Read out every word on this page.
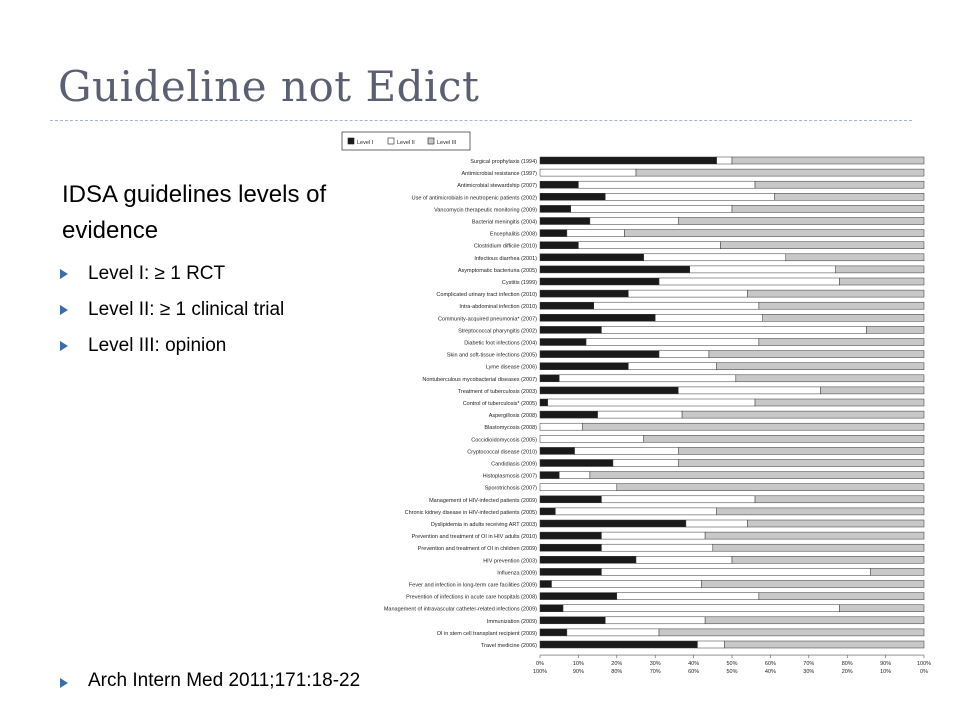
Guideline not Edict
IDSA guidelines levels of evidence
Level I: ≥ 1 RCT
Level II: ≥ 1 clinical trial
Level III: opinion
Arch Intern Med 2011;171:18-22
Level I	Level II	Level III
Surgical prophylaxis (1994)
Antimicrobial resistance (1997)
Antimicrobial stewardship (2007)
Use of antimicrobials in neutropenic patients (2002)
Vancomycin therapeutic monitoring (2009)
Bacterial meningitis (2004)
Encephalitis (2008)
Clostridium difficile (2010)
Infectious diarrhea (2001)
Asymptomatic bacteriuria (2005)
Cystitis (1999)
Complicated urinary tract infection (2010)
Intra-abdominal infection (2010)
Community-acquired pneumonia* (2007)
Streptococcal pharyngitis (2002)
Diabetic foot infections (2004)
Skin and soft-tissue infections (2005)
Lyme disease (2006)
Nontuberculous mycobacterial diseases (2007)
Treatment of tuberculosis (2003)
Control of tuberculosis* (2005)
Aspergillosis (2008)
Blastomycosis (2008)
Coccidioidomycosis (2005)
Cryptococcal disease (2010)
Candidiasis (2009)
Histoplasmosis (2007)
Sporotrichosis (2007)
Management of HIV-infected patients (2009)
Chronic kidney disease in HIV-infected patients (2005)
Dyslipidemia in adults receiving ART (2003)
Prevention and treatment of OI in HIV adults (2010)
Prevention and treatment of OI in children (2009)
HIV prevention (2003)
Influenza (2009)
Fever and infection in long-term care facilities (2009)
Prevention of infections in acute care hospitals (2008)
Management of intravascular catheter-related infections (2009)
Immunization (2009)
OI in stem cell transplant recipient (2009)
Travel medicine (2006)
0%
100%
10%
90%
20%
80%
30%
70%
40%
60%
50%
50%
60%
40%
70%
30%
80%
20%
90%
10%
100%
0%
